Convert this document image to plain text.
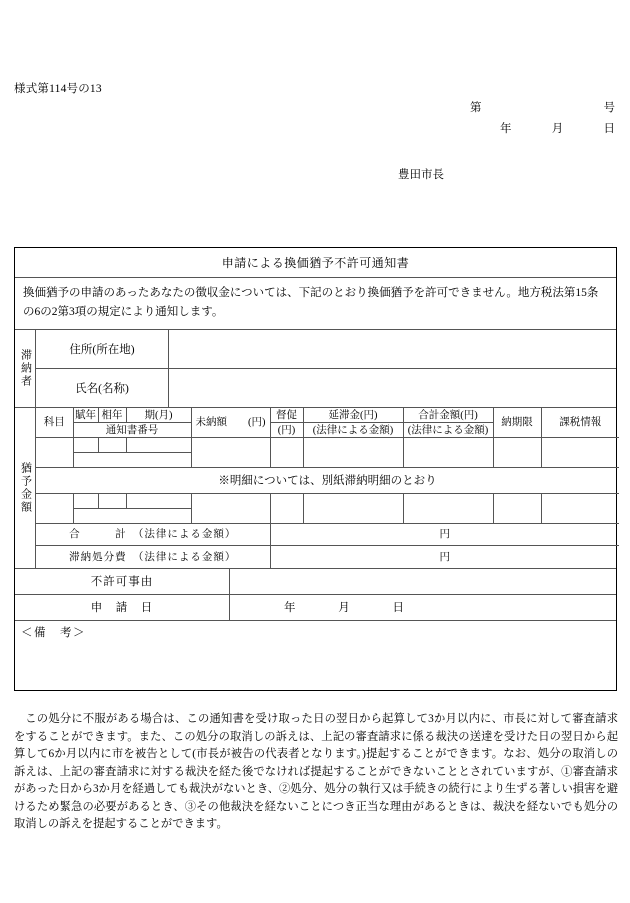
様式第114号の13
第	号
年	月	日
豊田市長
申請による換価猶予不許可通知書
換価猶予の申請のあったあなたの徴収金については、下記のとおり換価猶予を許可できません。地方税法第15条の6の2第3項の規定により通知します。
滞納者	住所(所在地)
氏名(名称)
猶予金額
科目	賦年	相年	期(月)	未納額　　(円)	督促	延滞金(円)	合計金額(円)	納期限	課税情報
	通知書番号				(円)	(法律による金額)	(法律による金額)		

※明細については、別紙滞納明細のとおり									

合　　　計　（法律による金額）					円				
滞納処分費　（法律による金額）					円				
不許可事由
申　請　日	年	月	日
＜備　考＞
この処分に不服がある場合は、この通知書を受け取った日の翌日から起算して3か月以内に、市長に対して審査請求をすることができます。また、この処分の取消しの訴えは、上記の審査請求に係る裁決の送達を受けた日の翌日から起算して6か月以内に市を被告として(市長が被告の代表者となります。)提起することができます。なお、処分の取消しの訴えは、上記の審査請求に対する裁決を経た後でなければ提起することができないこととされていますが、①審査請求があった日から3か月を経過しても裁決がないとき、②処分、処分の執行又は手続きの続行により生ずる著しい損害を避けるため緊急の必要があるとき、③その他裁決を経ないことにつき正当な理由があるときは、裁決を経ないでも処分の取消しの訴えを提起することができます。
